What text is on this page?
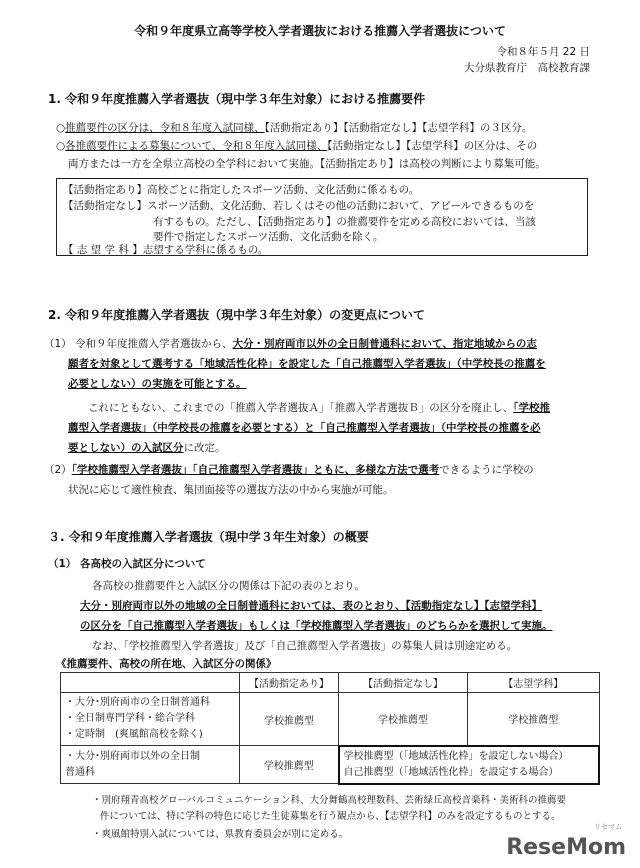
令和９年度県立高等学校入学者選抜における推薦入学者選抜について
令和８年５月 22 日
大分県教育庁　高校教育課
1. 令和９年度推薦入学者選抜（現中学３年生対象）における推薦要件
○推薦要件の区分は、令和８年度入試同様、【活動指定あり】【活動指定なし】【志望学科】の３区分。
○各推薦要件による募集について、令和８年度入試同様、【活動指定なし】【志望学科】の区分は、その
両方または一方を全県立高校の全学科において実施。【活動指定あり】は高校の判断により募集可能。
【活動指定あり】高校ごとに指定したスポーツ活動、文化活動に係るもの。
【活動指定なし】スポーツ活動、文化活動、若しくはその他の活動において、アピールできるものを
有するもの。ただし、【活動指定あり】の推薦要件を定める高校においては、当該
要件で指定したスポーツ活動、文化活動を除く。
【 志 望 学 科 】志望する学科に係るもの。
2. 令和９年度推薦入学者選抜（現中学３年生対象）の変更点について
（1） 令和９年度推薦入学者選抜から、大分・別府両市以外の全日制普通科において、指定地域からの志
願者を対象として選考する「地域活性化枠」を設定した「自己推薦型入学者選抜」（中学校長の推薦を
必要としない）の実施を可能とする。
これにともない、これまでの「推薦入学者選抜Ａ」「推薦入学者選抜Ｂ」の区分を廃止し、「学校推
薦型入学者選抜」（中学校長の推薦を必要とする）と「自己推薦型入学者選抜」（中学校長の推薦を必
要としない）の入試区分に改定。
（2）「学校推薦型入学者選抜」「自己推薦型入学者選抜」ともに、多様な方法で選考できるように学校の
状況に応じて適性検査、集団面接等の選抜方法の中から実施が可能。
３. 令和９年度推薦入学者選抜（現中学３年生対象）の概要
（1） 各高校の入試区分について
各高校の推薦要件と入試区分の関係は下記の表のとおり。
大分・別府両市以外の地域の全日制普通科においては、表のとおり、【活動指定なし】【志望学科】
の区分を「自己推薦型入学者選抜」もしくは「学校推薦型入学者選抜」のどちらかを選択して実施。
なお、「学校推薦型入学者選抜」及び「自己推薦型入学者選抜」の募集人員は別途定める。
《推薦要件、高校の所在地、入試区分の関係》
	【活動指定あり】	【活動指定なし】	【志望学科】

・大分･別府両市の全日制普通科
・全日制専門学科・総合学科
・定時制　(爽風館高校を除く)	学校推薦型	学校推薦型	学校推薦型

・大分･別府両市以外の全日制
普通科	学校推薦型	学校推薦型（「地域活性化枠」を設定しない場合）
自己推薦型（「地域活性化枠」を設定する場合）	
・別府翔青高校グローバルコミュニケーション科、大分舞鶴高校理数科、芸術緑丘高校音楽科・美術科の推薦要
件については、特に学科の特色に応じた生徒募集を行う観点から、【志望学科】のみを設定するものとする。
・爽風館特別入試については、県教育委員会が別に定める。
リセマム
ReseMom
